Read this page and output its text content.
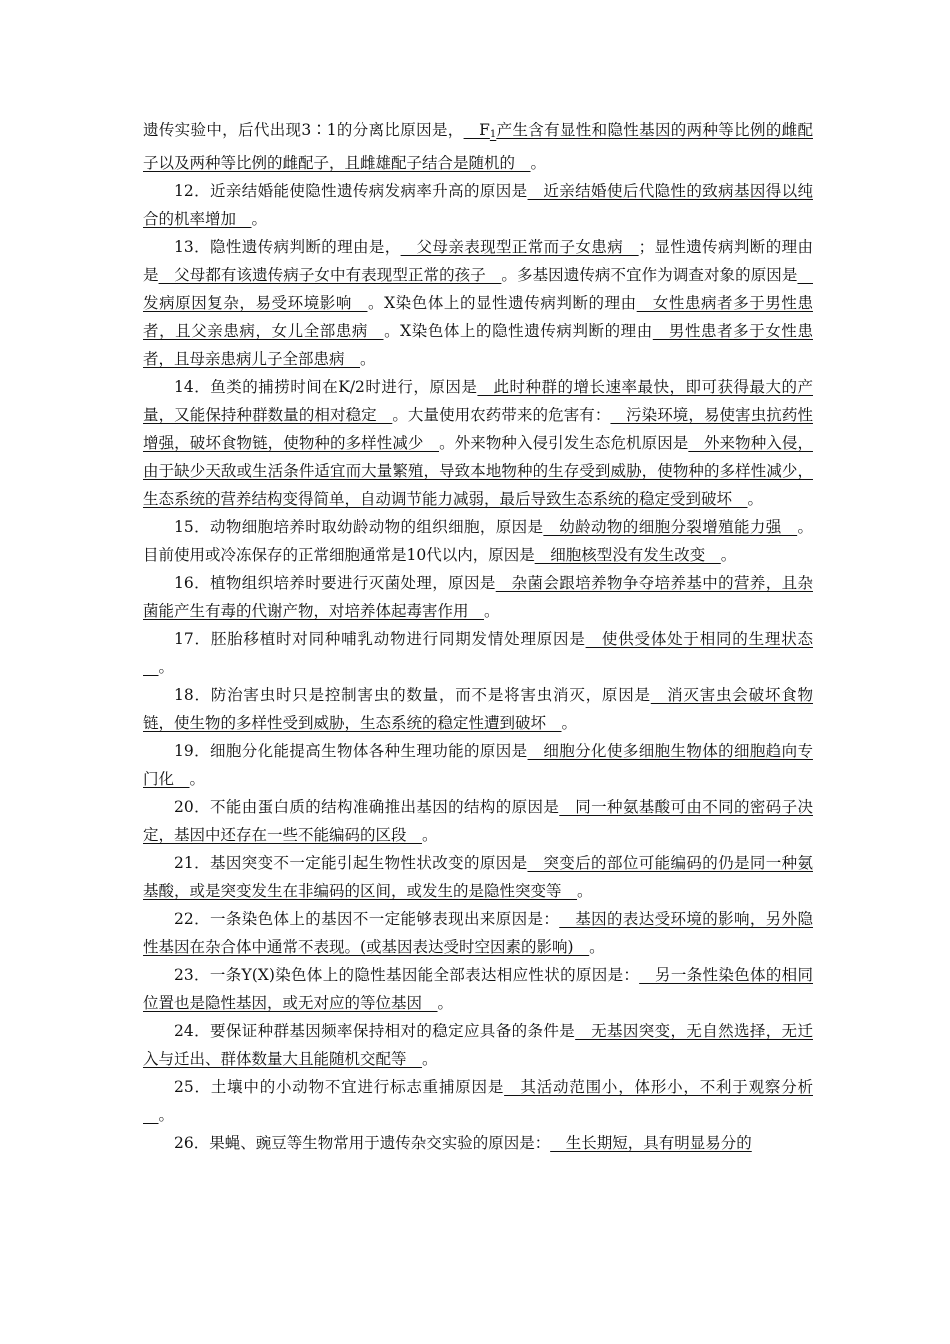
遗传实验中，后代出现3∶1的分离比原因是，$\_\_F_1$产生含有显性和隐性基因的两种等比例的雌配子以及两种等比例的雌配子，且雌雄配子结合是随机的__。

12．近亲结婚能使隐性遗传病发病率升高的原因是__近亲结婚使后代隐性的致病基因得以纯合的机率增加__。

13．隐性遗传病判断的理由是，__父母亲表现型正常而子女患病__；显性遗传病判断的理由是__父母都有该遗传病子女中有表现型正常的孩子__。多基因遗传病不宜作为调查对象的原因是__发病原因复杂，易受环境影响__。X染色体上的显性遗传病判断的理由__女性患病者多于男性患者，且父亲患病，女儿全部患病__。X染色体上的隐性遗传病判断的理由__男性患者多于女性患者，且母亲患病儿子全部患病__。

14．鱼类的捕捞时间在K/2时进行，原因是__此时种群的增长速率最快，即可获得最大的产量，又能保持种群数量的相对稳定__。大量使用农药带来的危害有：__污染环境，易使害虫抗药性增强，破坏食物链，使物种的多样性减少__。外来物种入侵引发生态危机原因是__外来物种入侵，由于缺少天敌或生活条件适宜而大量繁殖，导致本地物种的生存受到威胁，使物种的多样性减少，生态系统的营养结构变得简单，自动调节能力减弱，最后导致生态系统的稳定受到破坏__。

15．动物细胞培养时取幼龄动物的组织细胞，原因是__幼龄动物的细胞分裂增殖能力强__。目前使用或冷冻保存的正常细胞通常是10代以内，原因是__细胞核型没有发生改变__。

16．植物组织培养时要进行灭菌处理，原因是__杂菌会跟培养物争夺培养基中的营养，且杂菌能产生有毒的代谢产物，对培养体起毒害作用__。

17．胚胎移植时对同种哺乳动物进行同期发情处理原因是__使供受体处于相同的生理状态__。

18．防治害虫时只是控制害虫的数量，而不是将害虫消灭，原因是__消灭害虫会破坏食物链，使生物的多样性受到威胁，生态系统的稳定性遭到破坏__。

19．细胞分化能提高生物体各种生理功能的原因是__细胞分化使多细胞生物体的细胞趋向专门化__。

20．不能由蛋白质的结构准确推出基因的结构的原因是__同一种氨基酸可由不同的密码子决定，基因中还存在一些不能编码的区段__。

21．基因突变不一定能引起生物性状改变的原因是__突变后的部位可能编码的仍是同一种氨基酸，或是突变发生在非编码的区间，或发生的是隐性突变等__。

22．一条染色体上的基因不一定能够表现出来原因是：__基因的表达受环境的影响，另外隐性基因在杂合体中通常不表现。(或基因表达受时空因素的影响)__。

23．一条Y(X)染色体上的隐性基因能全部表达相应性状的原因是：__另一条性染色体的相同位置也是隐性基因，或无对应的等位基因__。

24．要保证种群基因频率保持相对的稳定应具备的条件是__无基因突变，无自然选择，无迁入与迁出、群体数量大且能随机交配等__。

25．土壤中的小动物不宜进行标志重捕原因是__其活动范围小，体形小，不利于观察分析__。

26．果蝇、豌豆等生物常用于遗传杂交实验的原因是：__生长期短，具有明显易分的
